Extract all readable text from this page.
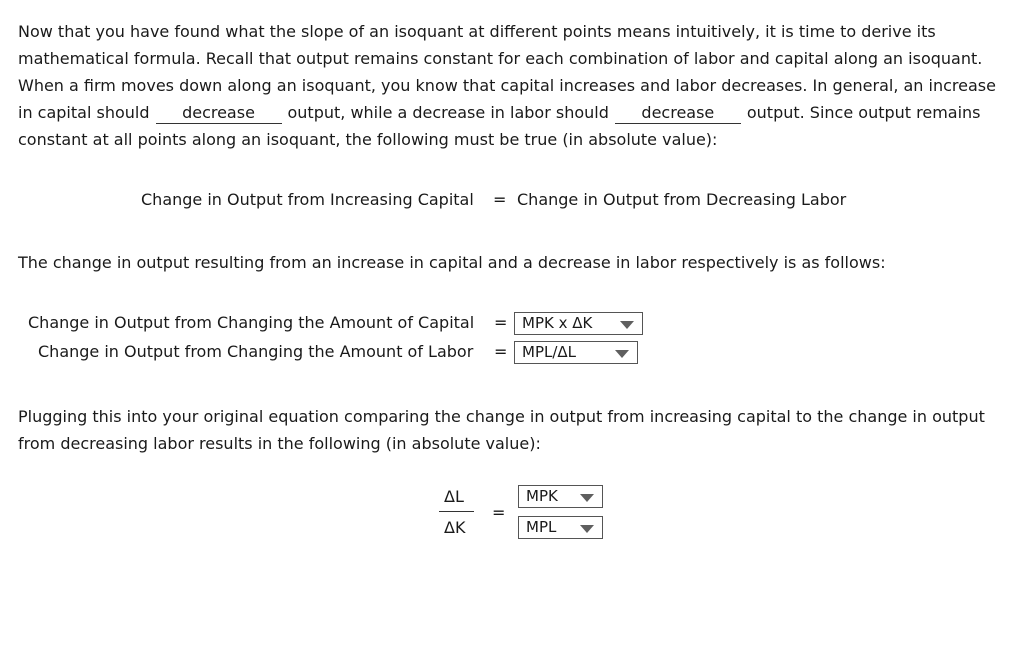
Now that you have found what the slope of an isoquant at different points means intuitively, it is time to derive its mathematical formula. Recall that output remains constant for each combination of labor and capital along an isoquant. When a firm moves down along an isoquant, you know that capital increases and labor decreases. In general, an increase in capital should decrease output, while a decrease in labor should decrease output. Since output remains constant at all points along an isoquant, the following must be true (in absolute value):

Change in Output from Increasing Capital = Change in Output from Decreasing Labor
The change in output resulting from an increase in capital and a decrease in labor respectively is as follows:
Change in Output from Changing the Amount of Capital = MPK x ΔK
Change in Output from Changing the Amount of Labor = MPL/ΔL

Plugging this into your original equation comparing the change in output from increasing capital to the change in output from decreasing labor results in the following (in absolute value):

ΔL
ΔK
=
MPK
MPL
